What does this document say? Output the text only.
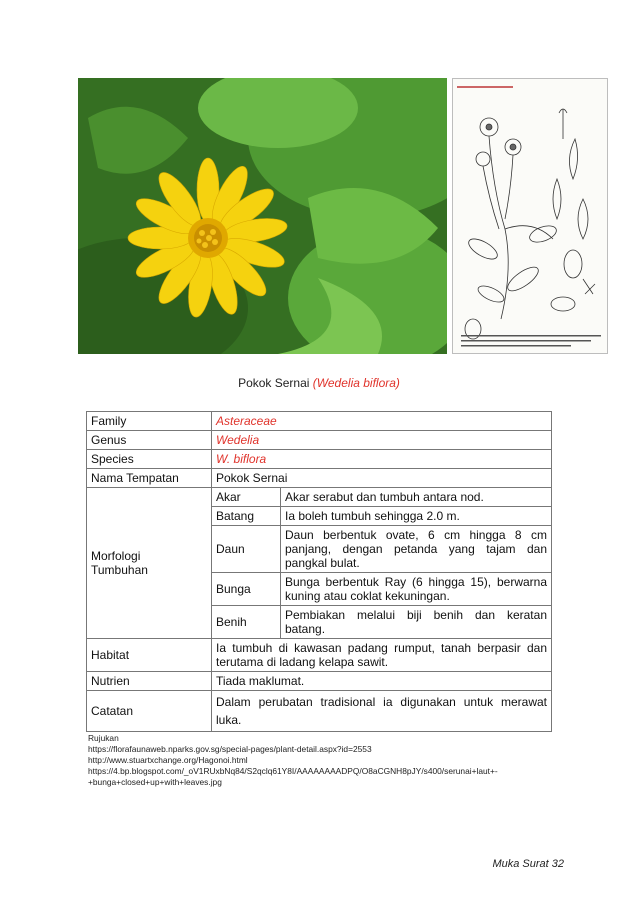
Pokok Sernai (Wedelia biflora)
Family	Asteraceae
Genus	Wedelia
Species	W. biflora
Nama Tempatan	Pokok Sernai

Morfologi
Tumbuhan

Akar	Akar serabut dan tumbuh antara nod.
Batang	Ia boleh tumbuh sehingga 2.0 m.
Daun	Daun berbentuk ovate, 6 cm hingga 8 cm panjang, dengan petanda yang tajam dan pangkal bulat.
Bunga	Bunga berbentuk Ray (6 hingga 15), berwarna kuning atau coklat kekuningan.
Benih	Pembiakan melalui biji benih dan keratan batang.

Habitat	Ia tumbuh di kawasan padang rumput, tanah berpasir dan terutama di ladang kelapa sawit.
Nutrien	Tiada maklumat.
Catatan	Dalam perubatan tradisional ia digunakan untuk merawat luka.
Rujukan
https://florafaunaweb.nparks.gov.sg/special-pages/plant-detail.aspx?id=2553
http://www.stuartxchange.org/Hagonoi.html
https://4.bp.blogspot.com/_oV1RUxbNq84/S2qclq61Y8I/AAAAAAAADPQ/O8aCGNH8pJY/s400/serunai+laut+-
+bunga+closed+up+with+leaves.jpg
Muka Surat 32
